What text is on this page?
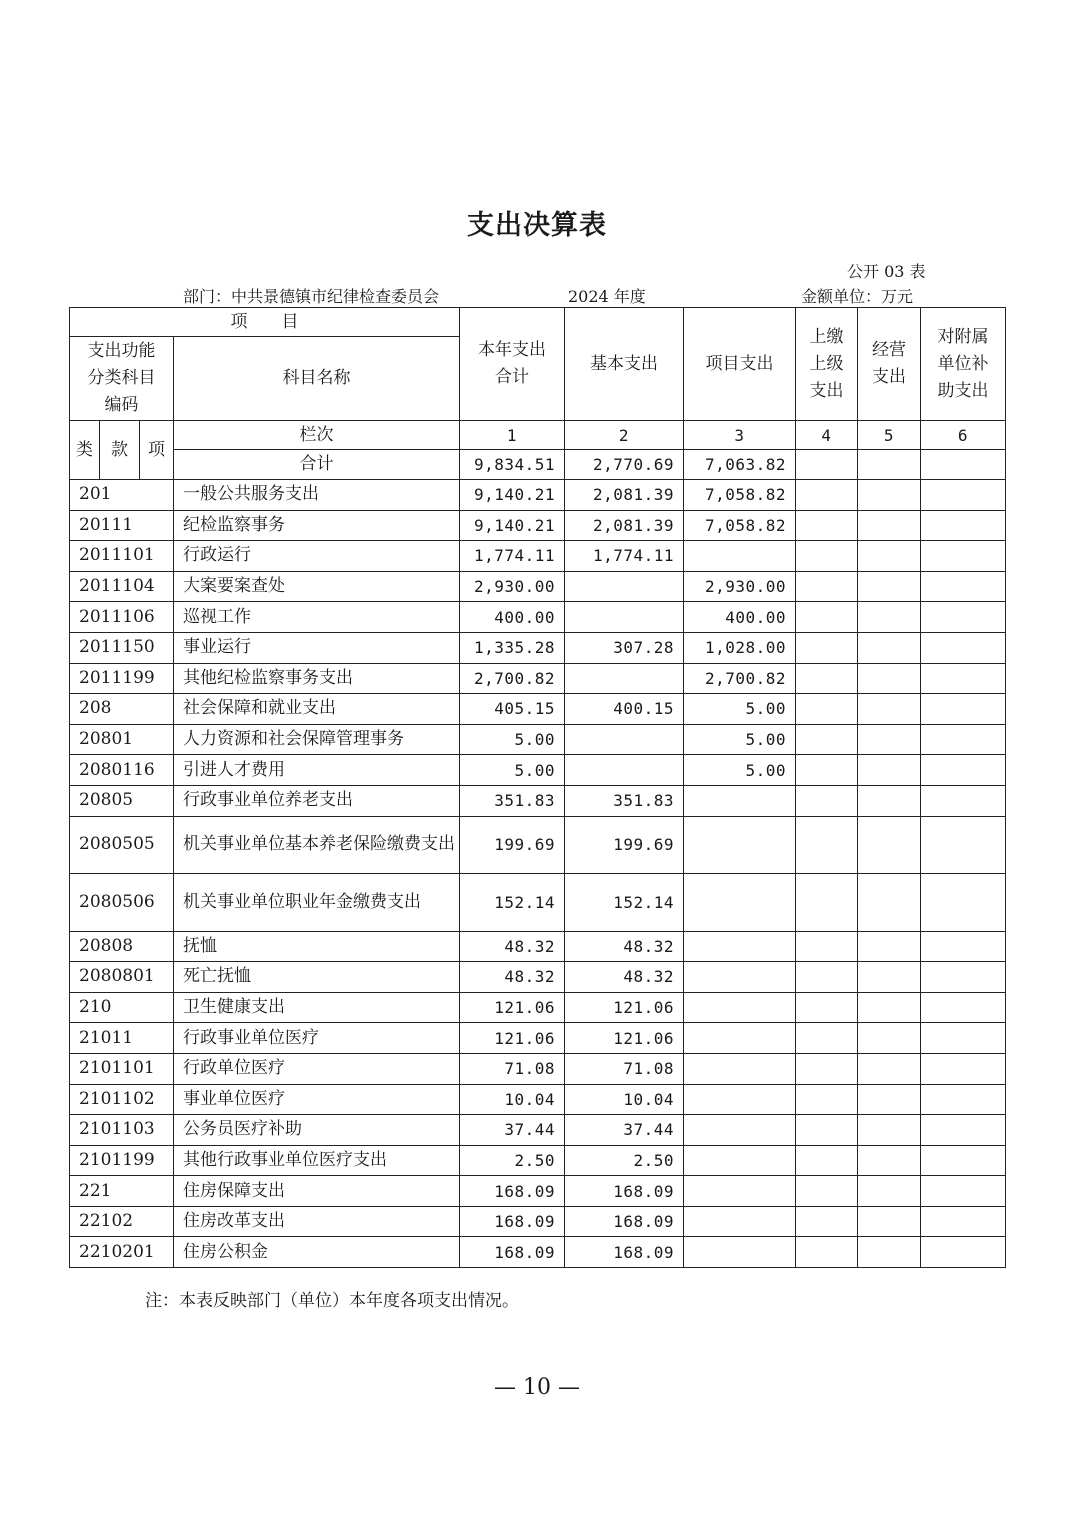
支出决算表
公开 03 表
部门：中共景德镇市纪律检查委员会	2024 年度	金额单位：万元
项　　目				本年支出合计	基本支出	项目支出	上缴上级支出	经营支出	对附属单位补助支出

支出功能分类科目编码			科目名称						
类	款	项	栏次	1	2	3	4	5	6
			合计	9,834.51	2,770.69	7,063.82			
201			一般公共服务支出	9,140.21	2,081.39	7,058.82			
20111			纪检监察事务	9,140.21	2,081.39	7,058.82			
2011101			行政运行	1,774.11	1,774.11				
2011104			大案要案查处	2,930.00		2,930.00			
2011106			巡视工作	400.00		400.00			
2011150			事业运行	1,335.28	307.28	1,028.00			
2011199			其他纪检监察事务支出	2,700.82		2,700.82			
208			社会保障和就业支出	405.15	400.15	5.00			
20801			人力资源和社会保障管理事务	5.00		5.00			
2080116			引进人才费用	5.00		5.00			
20805			行政事业单位养老支出	351.83	351.83				
2080505			机关事业单位基本养老保险缴费支出	199.69	199.69				
2080506			机关事业单位职业年金缴费支出	152.14	152.14				
20808			抚恤	48.32	48.32				
2080801			死亡抚恤	48.32	48.32				
210			卫生健康支出	121.06	121.06				
21011			行政事业单位医疗	121.06	121.06				
2101101			行政单位医疗	71.08	71.08				
2101102			事业单位医疗	10.04	10.04				
2101103			公务员医疗补助	37.44	37.44				
2101199			其他行政事业单位医疗支出	2.50	2.50				
221			住房保障支出	168.09	168.09				
22102			住房改革支出	168.09	168.09				
2210201			住房公积金	168.09	168.09				
注：本表反映部门（单位）本年度各项支出情况。
— 10 —
